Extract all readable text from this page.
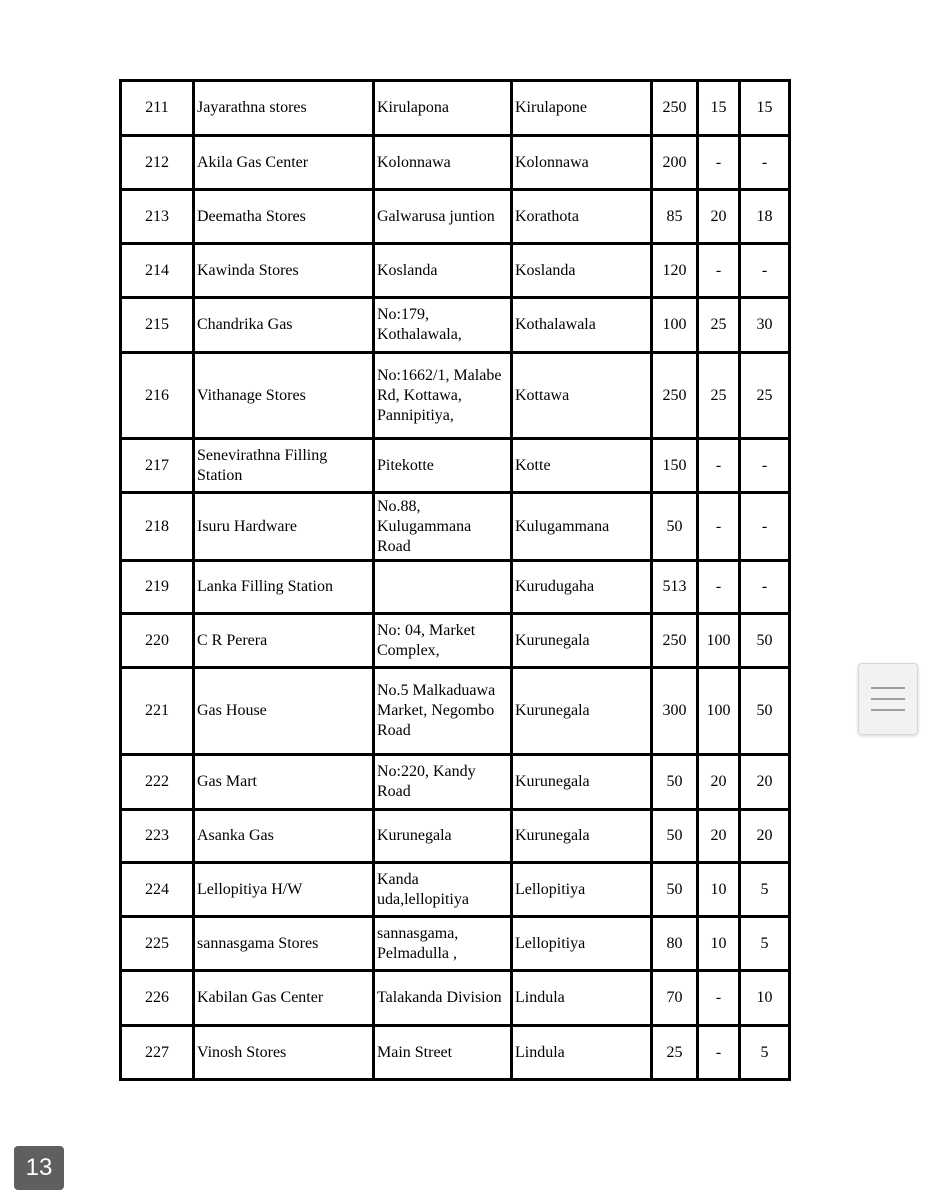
211	Jayarathna stores	Kirulapona	Kirulapone	250	15	15
212	Akila Gas Center	Kolonnawa	Kolonnawa	200	-	-
213	Deematha Stores	Galwarusa juntion	Korathota	85	20	18
214	Kawinda Stores	Koslanda	Koslanda	120	-	-
215	Chandrika Gas	No:179, Kothalawala,	Kothalawala	100	25	30
216	Vithanage Stores	No:1662/1, Malabe Rd, Kottawa, Pannipitiya,	Kottawa	250	25	25
217	Senevirathna Filling Station	Pitekotte	Kotte	150	-	-
218	Isuru Hardware	No.88, Kulugammana Road	Kulugammana	50	-	-
219	Lanka Filling Station		Kurudugaha	513	-	-
220	C R Perera	No: 04, Market Complex,	Kurunegala	250	100	50
221	Gas House	No.5 Malkaduawa Market, Negombo Road	Kurunegala	300	100	50
222	Gas Mart	No:220, Kandy Road	Kurunegala	50	20	20
223	Asanka Gas	Kurunegala	Kurunegala	50	20	20
224	Lellopitiya H/W	Kanda uda,lellopitiya	Lellopitiya	50	10	5
225	sannasgama Stores	sannasgama, Pelmadulla ,	Lellopitiya	80	10	5
226	Kabilan Gas Center	Talakanda Division	Lindula	70	-	10
227	Vinosh Stores	Main Street	Lindula	25	-	5
13
